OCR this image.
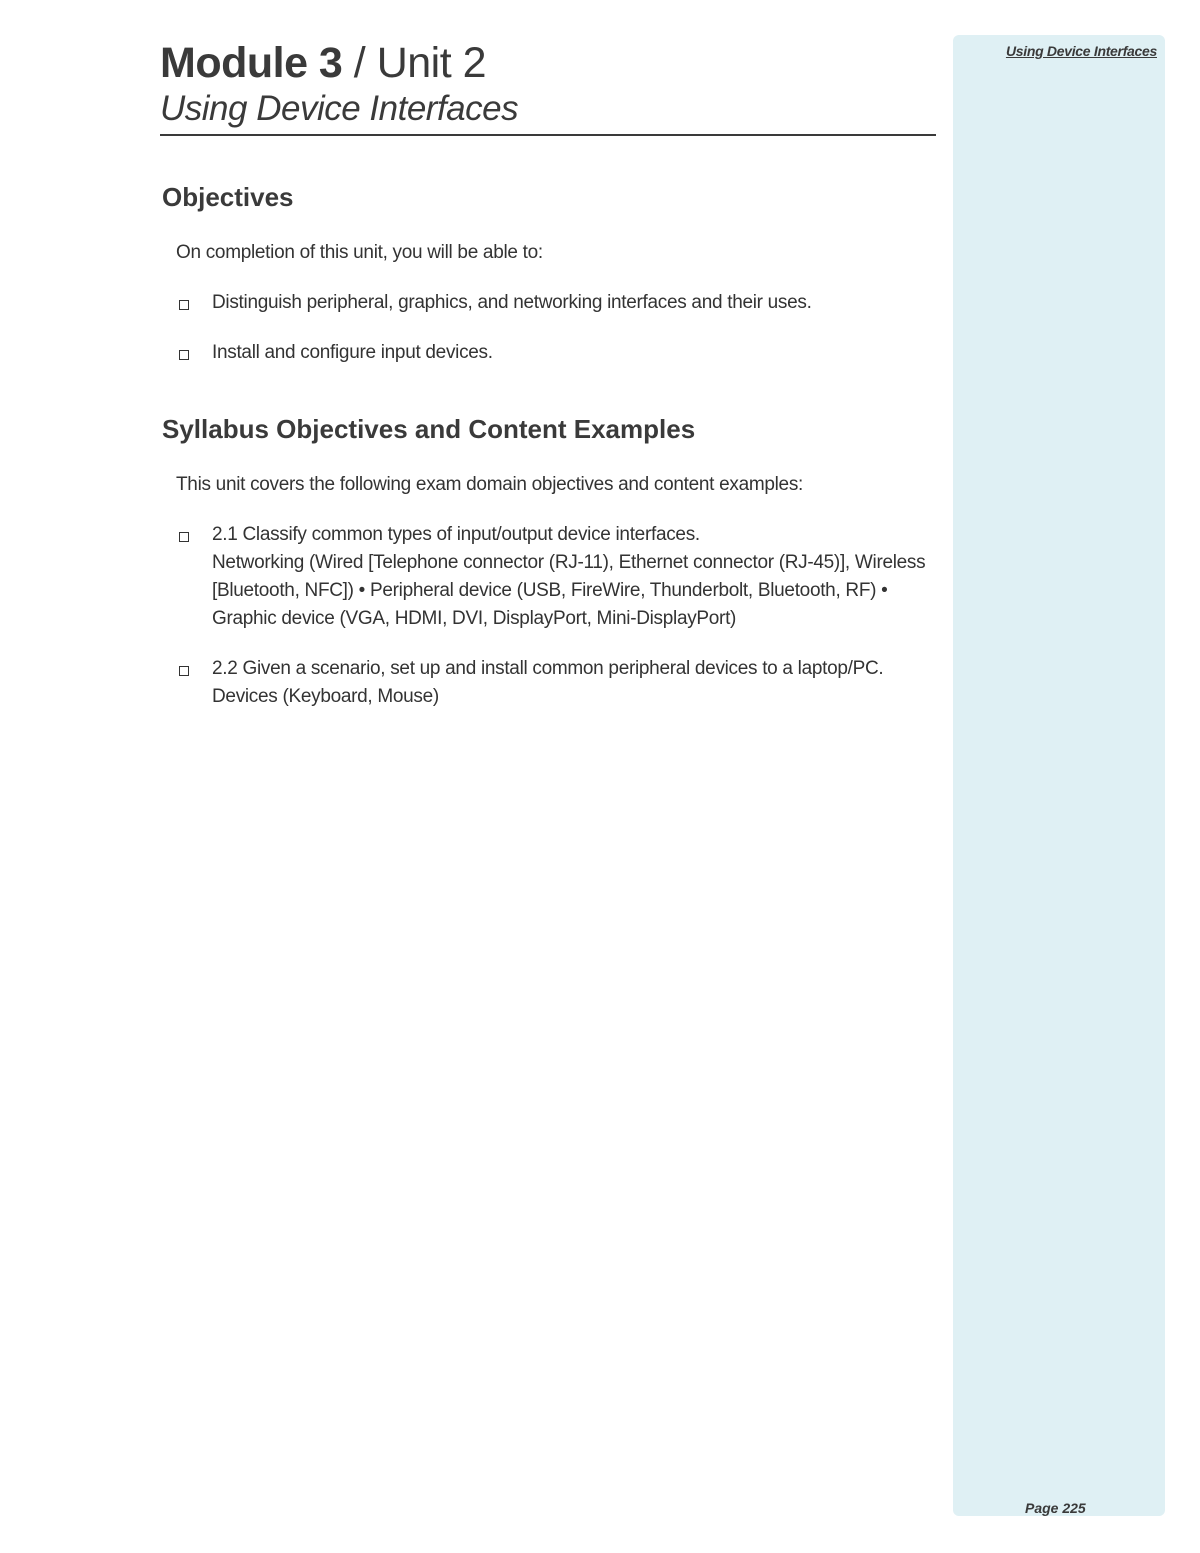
Using Device Interfaces
Page 225
Module 3 / Unit 2
Using Device Interfaces
Objectives
On completion of this unit, you will be able to:
Distinguish peripheral, graphics, and networking interfaces and their uses.
Install and configure input devices.
Syllabus Objectives and Content Examples
This unit covers the following exam domain objectives and content examples:
2.1 Classify common types of input/output device interfaces.
Networking (Wired [Telephone connector (RJ-11), Ethernet connector (RJ-45)], Wireless [Bluetooth, NFC]) • Peripheral device (USB, FireWire, Thunderbolt, Bluetooth, RF) • Graphic device (VGA, HDMI, DVI, DisplayPort, Mini-DisplayPort)
2.2 Given a scenario, set up and install common peripheral devices to a laptop/PC.
Devices (Keyboard, Mouse)
